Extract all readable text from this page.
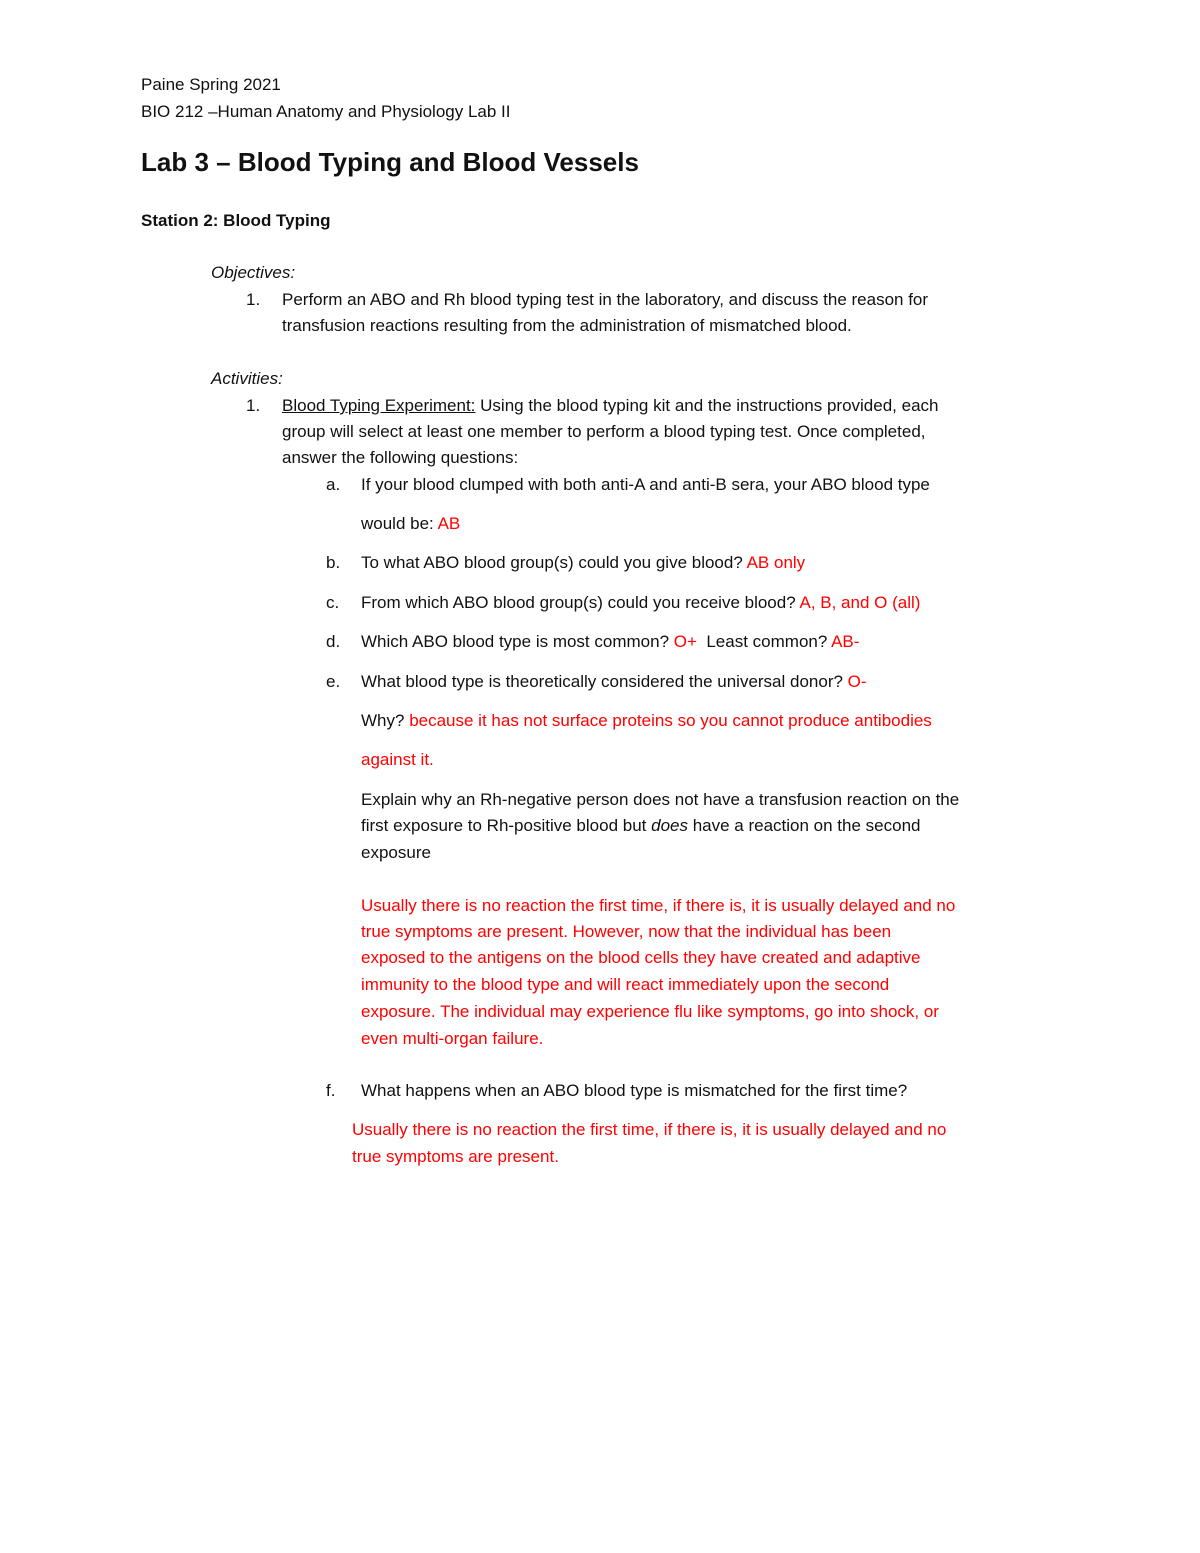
Paine Spring 2021
BIO 212 –Human Anatomy and Physiology Lab II
Lab 3 – Blood Typing and Blood Vessels
Station 2: Blood Typing
Objectives:
1. Perform an ABO and Rh blood typing test in the laboratory, and discuss the reason for
transfusion reactions resulting from the administration of mismatched blood.
Activities:
1. Blood Typing Experiment: Using the blood typing kit and the instructions provided, each
group will select at least one member to perform a blood typing test. Once completed,
answer the following questions:
a. If your blood clumped with both anti-A and anti-B sera, your ABO blood type
would be: AB
b. To what ABO blood group(s) could you give blood? AB only
c. From which ABO blood group(s) could you receive blood? A, B, and O (all)
d. Which ABO blood type is most common? O+  Least common? AB-
e. What blood type is theoretically considered the universal donor? O-
Why? because it has not surface proteins so you cannot produce antibodies
against it.
Explain why an Rh-negative person does not have a transfusion reaction on the
first exposure to Rh-positive blood but does have a reaction on the second
exposure
Usually there is no reaction the first time, if there is, it is usually delayed and no
true symptoms are present. However, now that the individual has been
exposed to the antigens on the blood cells they have created and adaptive
immunity to the blood type and will react immediately upon the second
exposure. The individual may experience flu like symptoms, go into shock, or
even multi-organ failure.
f. What happens when an ABO blood type is mismatched for the first time?
Usually there is no reaction the first time, if there is, it is usually delayed and no
true symptoms are present.
